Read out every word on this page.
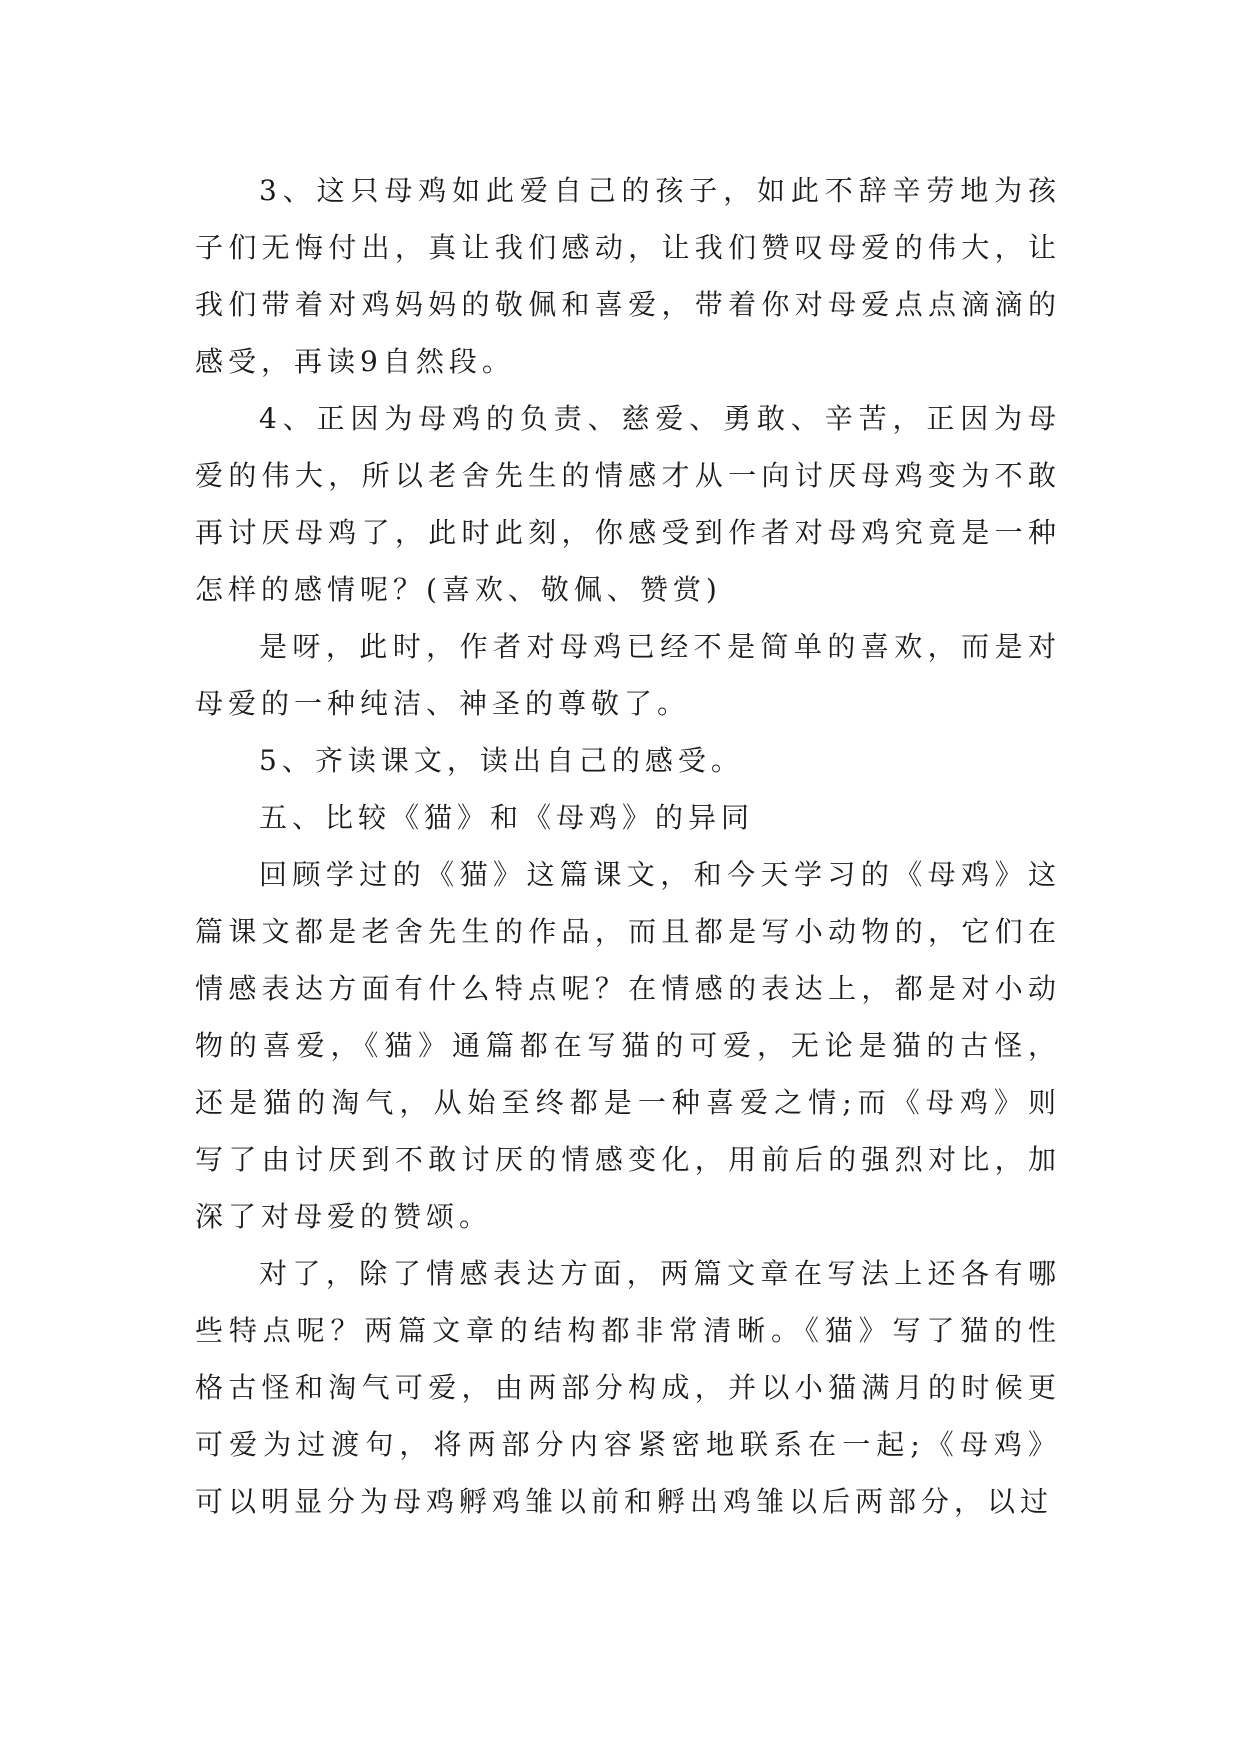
3、这只母鸡如此爱自己的孩子，如此不辞辛劳地为孩子们无悔付出，真让我们感动，让我们赞叹母爱的伟大，让我们带着对鸡妈妈的敬佩和喜爱，带着你对母爱点点滴滴的感受，再读9自然段。

4、正因为母鸡的负责、慈爱、勇敢、辛苦，正因为母爱的伟大，所以老舍先生的情感才从一向讨厌母鸡变为不敢再讨厌母鸡了，此时此刻，你感受到作者对母鸡究竟是一种怎样的感情呢？(喜欢、敬佩、赞赏)

是呀，此时，作者对母鸡已经不是简单的喜欢，而是对母爱的一种纯洁、神圣的尊敬了。

5、齐读课文，读出自己的感受。

五、比较《猫》和《母鸡》的异同

回顾学过的《猫》这篇课文，和今天学习的《母鸡》这篇课文都是老舍先生的作品，而且都是写小动物的，它们在情感表达方面有什么特点呢？在情感的表达上，都是对小动物的喜爱，《猫》通篇都在写猫的可爱，无论是猫的古怪，还是猫的淘气，从始至终都是一种喜爱之情;而《母鸡》则写了由讨厌到不敢讨厌的情感变化，用前后的强烈对比，加深了对母爱的赞颂。

对了，除了情感表达方面，两篇文章在写法上还各有哪些特点呢？两篇文章的结构都非常清晰。《猫》写了猫的性格古怪和淘气可爱，由两部分构成，并以小猫满月的时候更可爱为过渡句，将两部分内容紧密地联系在一起;《母鸡》可以明显分为母鸡孵鸡雏以前和孵出鸡雏以后两部分，以过
